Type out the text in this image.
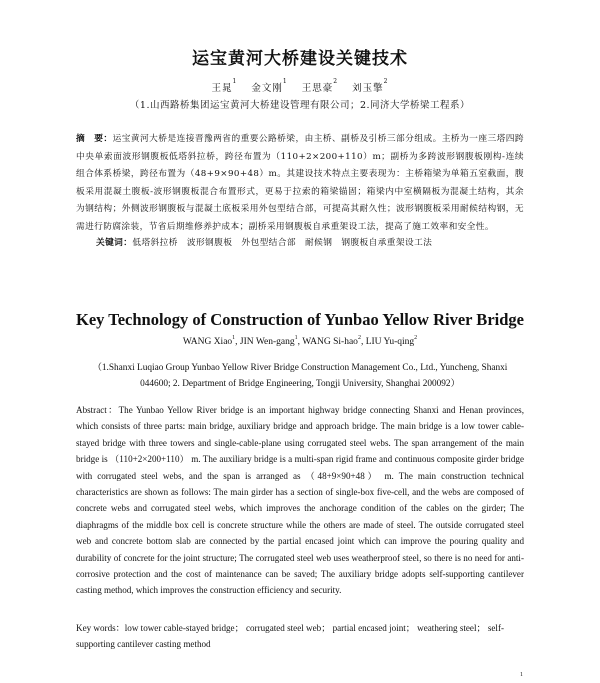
运宝黄河大桥建设关键技术
王晁$^1$ 金文刚$^1$ 王思豪$^2$ 刘玉擎$^2$
（1.山西路桥集团运宝黄河大桥建设管理有限公司；2.同济大学桥梁工程系）
摘　要：运宝黄河大桥是连接晋豫两省的重要公路桥梁，由主桥、副桥及引桥三部分组成。主桥为一座三塔四跨中央单索面波形钢腹板低塔斜拉桥，跨径布置为（110+2×200+110）m；副桥为多跨波形钢腹板刚构-连续组合体系桥梁，跨径布置为（48+9×90+48）m。其建设技术特点主要表现为：主桥箱梁为单箱五室截面，腹板采用混凝土腹板-波形钢腹板混合布置形式，更易于拉索的箱梁锚固；箱梁内中室横隔板为混凝土结构，其余为钢结构；外侧波形钢腹板与混凝土底板采用外包型结合部，可提高其耐久性；波形钢腹板采用耐候结构钢，无需进行防腐涂装，节省后期维修养护成本；副桥采用钢腹板自承重架设工法，提高了施工效率和安全性。
关键词：低塔斜拉桥　波形钢腹板　外包型结合部　耐候钢　钢腹板自承重架设工法
Key Technology of Construction of Yunbao Yellow River Bridge
WANG Xiao$^1$, JIN Wen-gang$^1$, WANG Si-hao$^2$, LIU Yu-qing$^2$
（1.Shanxi Luqiao Group Yunbao Yellow River Bridge Construction Management Co., Ltd., Yuncheng, Shanxi 044600; 2. Department of Bridge Engineering, Tongji University, Shanghai 200092）
Abstract：The Yunbao Yellow River bridge is an important highway bridge connecting Shanxi and Henan provinces, which consists of three parts: main bridge, auxiliary bridge and approach bridge. The main bridge is a low tower cable-stayed bridge with three towers and single-cable-plane using corrugated steel webs. The span arrangement of the main bridge is （110+2×200+110） m. The auxiliary bridge is a multi-span rigid frame and continuous composite girder bridge with corrugated steel webs, and the span is arranged as （48+9×90+48） m. The main construction technical characteristics are shown as follows: The main girder has a section of single-box five-cell, and the webs are composed of concrete webs and corrugated steel webs, which improves the anchorage condition of the cables on the girder; The diaphragms of the middle box cell is concrete structure while the others are made of steel. The outside corrugated steel web and concrete bottom slab are connected by the partial encased joint which can improve the pouring quality and durability of concrete for the joint structure; The corrugated steel web uses weatherproof steel, so there is no need for anti-corrosive protection and the cost of maintenance can be saved; The auxiliary bridge adopts self-supporting cantilever casting method, which improves the construction efficiency and security.
Key words：low tower cable-stayed bridge； corrugated steel web； partial encased joint； weathering steel； self-supporting cantilever casting method
1
